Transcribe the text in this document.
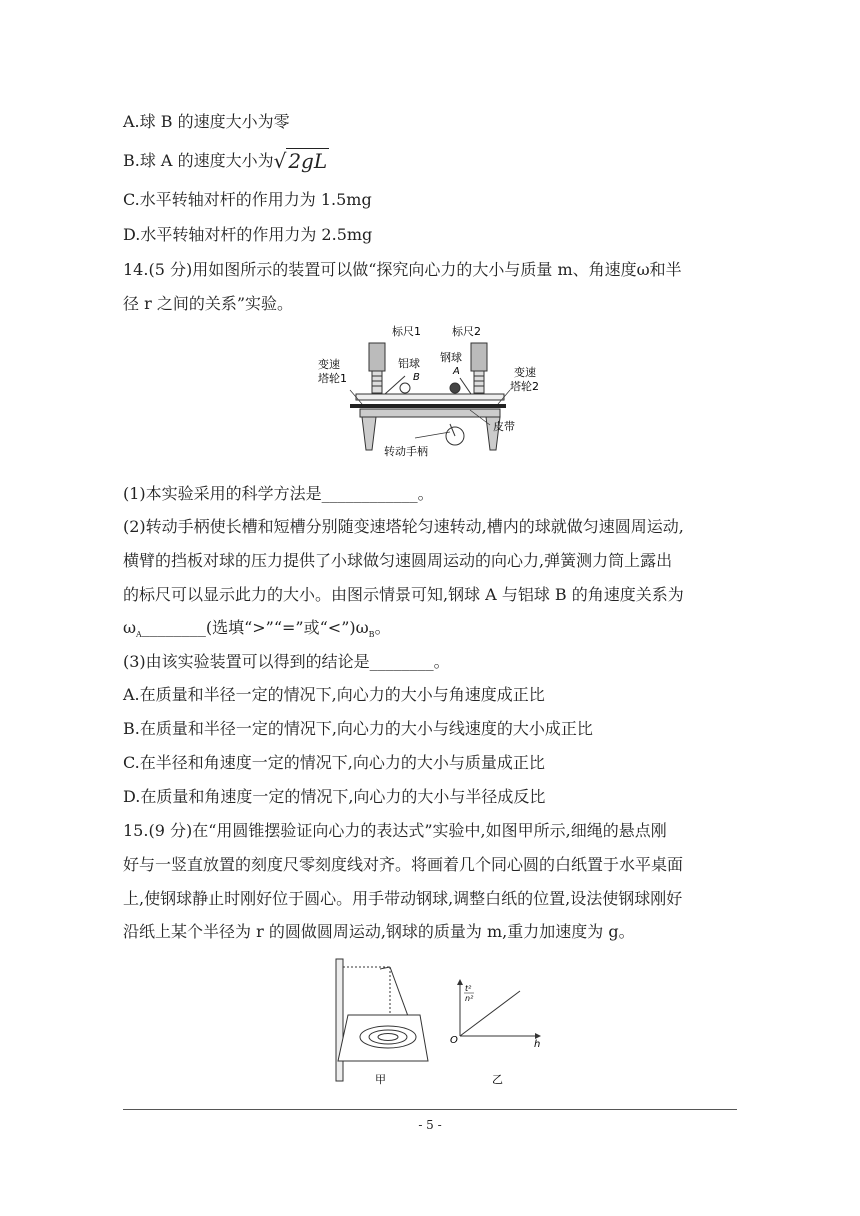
A.球 B 的速度大小为零
B.球 A 的速度大小为√ 2gL
C.水平转轴对杆的作用力为 1.5mg
D.水平转轴对杆的作用力为 2.5mg
14.(5 分)用如图所示的装置可以做“探究向心力的大小与质量 m、角速度ω和半
径 r 之间的关系”实验。
标尺1	标尺2
铝球 钢球
B
A
变速
塔轮1	变速
塔轮2
皮带
转动手柄
(1)本实验采用的科学方法是____________。
(2)转动手柄使长槽和短槽分别随变速塔轮匀速转动,槽内的球就做匀速圆周运动,
横臂的挡板对球的压力提供了小球做匀速圆周运动的向心力,弹簧测力筒上露出
的标尺可以显示此力的大小。由图示情景可知,钢球 A 与铝球 B 的角速度关系为
$\omega_A\_\_\_\_\_\_\_\_$(选填“>”“=”或“$<”)\omega_B$。
(3)由该实验装置可以得到的结论是________。
A.在质量和半径一定的情况下,向心力的大小与角速度成正比
B.在质量和半径一定的情况下,向心力的大小与线速度的大小成正比
C.在半径和角速度一定的情况下,向心力的大小与质量成正比
D.在质量和角速度一定的情况下,向心力的大小与半径成反比
15.(9 分)在“用圆锥摆验证向心力的表达式”实验中,如图甲所示,细绳的悬点刚
好与一竖直放置的刻度尺零刻度线对齐。将画着几个同心圆的白纸置于水平桌面
上,使钢球静止时刚好位于圆心。用手带动钢球,调整白纸的位置,设法使钢球刚好
沿纸上某个半径为 r 的圆做圆周运动,钢球的质量为 m,重力加速度为 g。
甲
t²
n²
O	h
乙
- 5 -
